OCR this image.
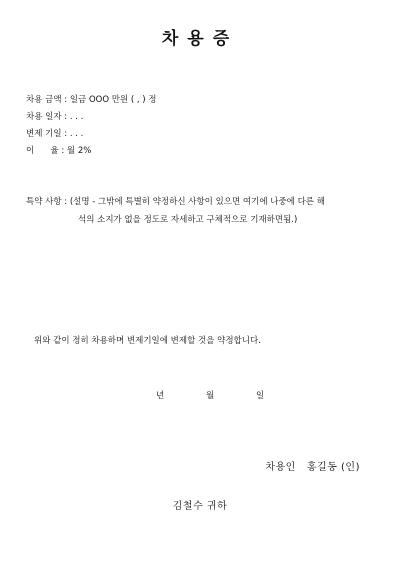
차용증
차용 금액 : 일금 OOO 만원 ( , ) 정
차용 일자 : . . .
변제 기일 : . . .
이      율 : 월 2%
특약 사항 : (설명 - 그밖에 특별히 약정하신 사항이 있으면 여기에 나중에 다른 해
석의 소지가 없을 정도로 자세하고 구체적으로 기재하면됨.)
위와 같이 정히 차용하며 변제기일에 변제할 것을 약정합니다.
년	월	일
차용인   홍길동 (인)
김철수 귀하
